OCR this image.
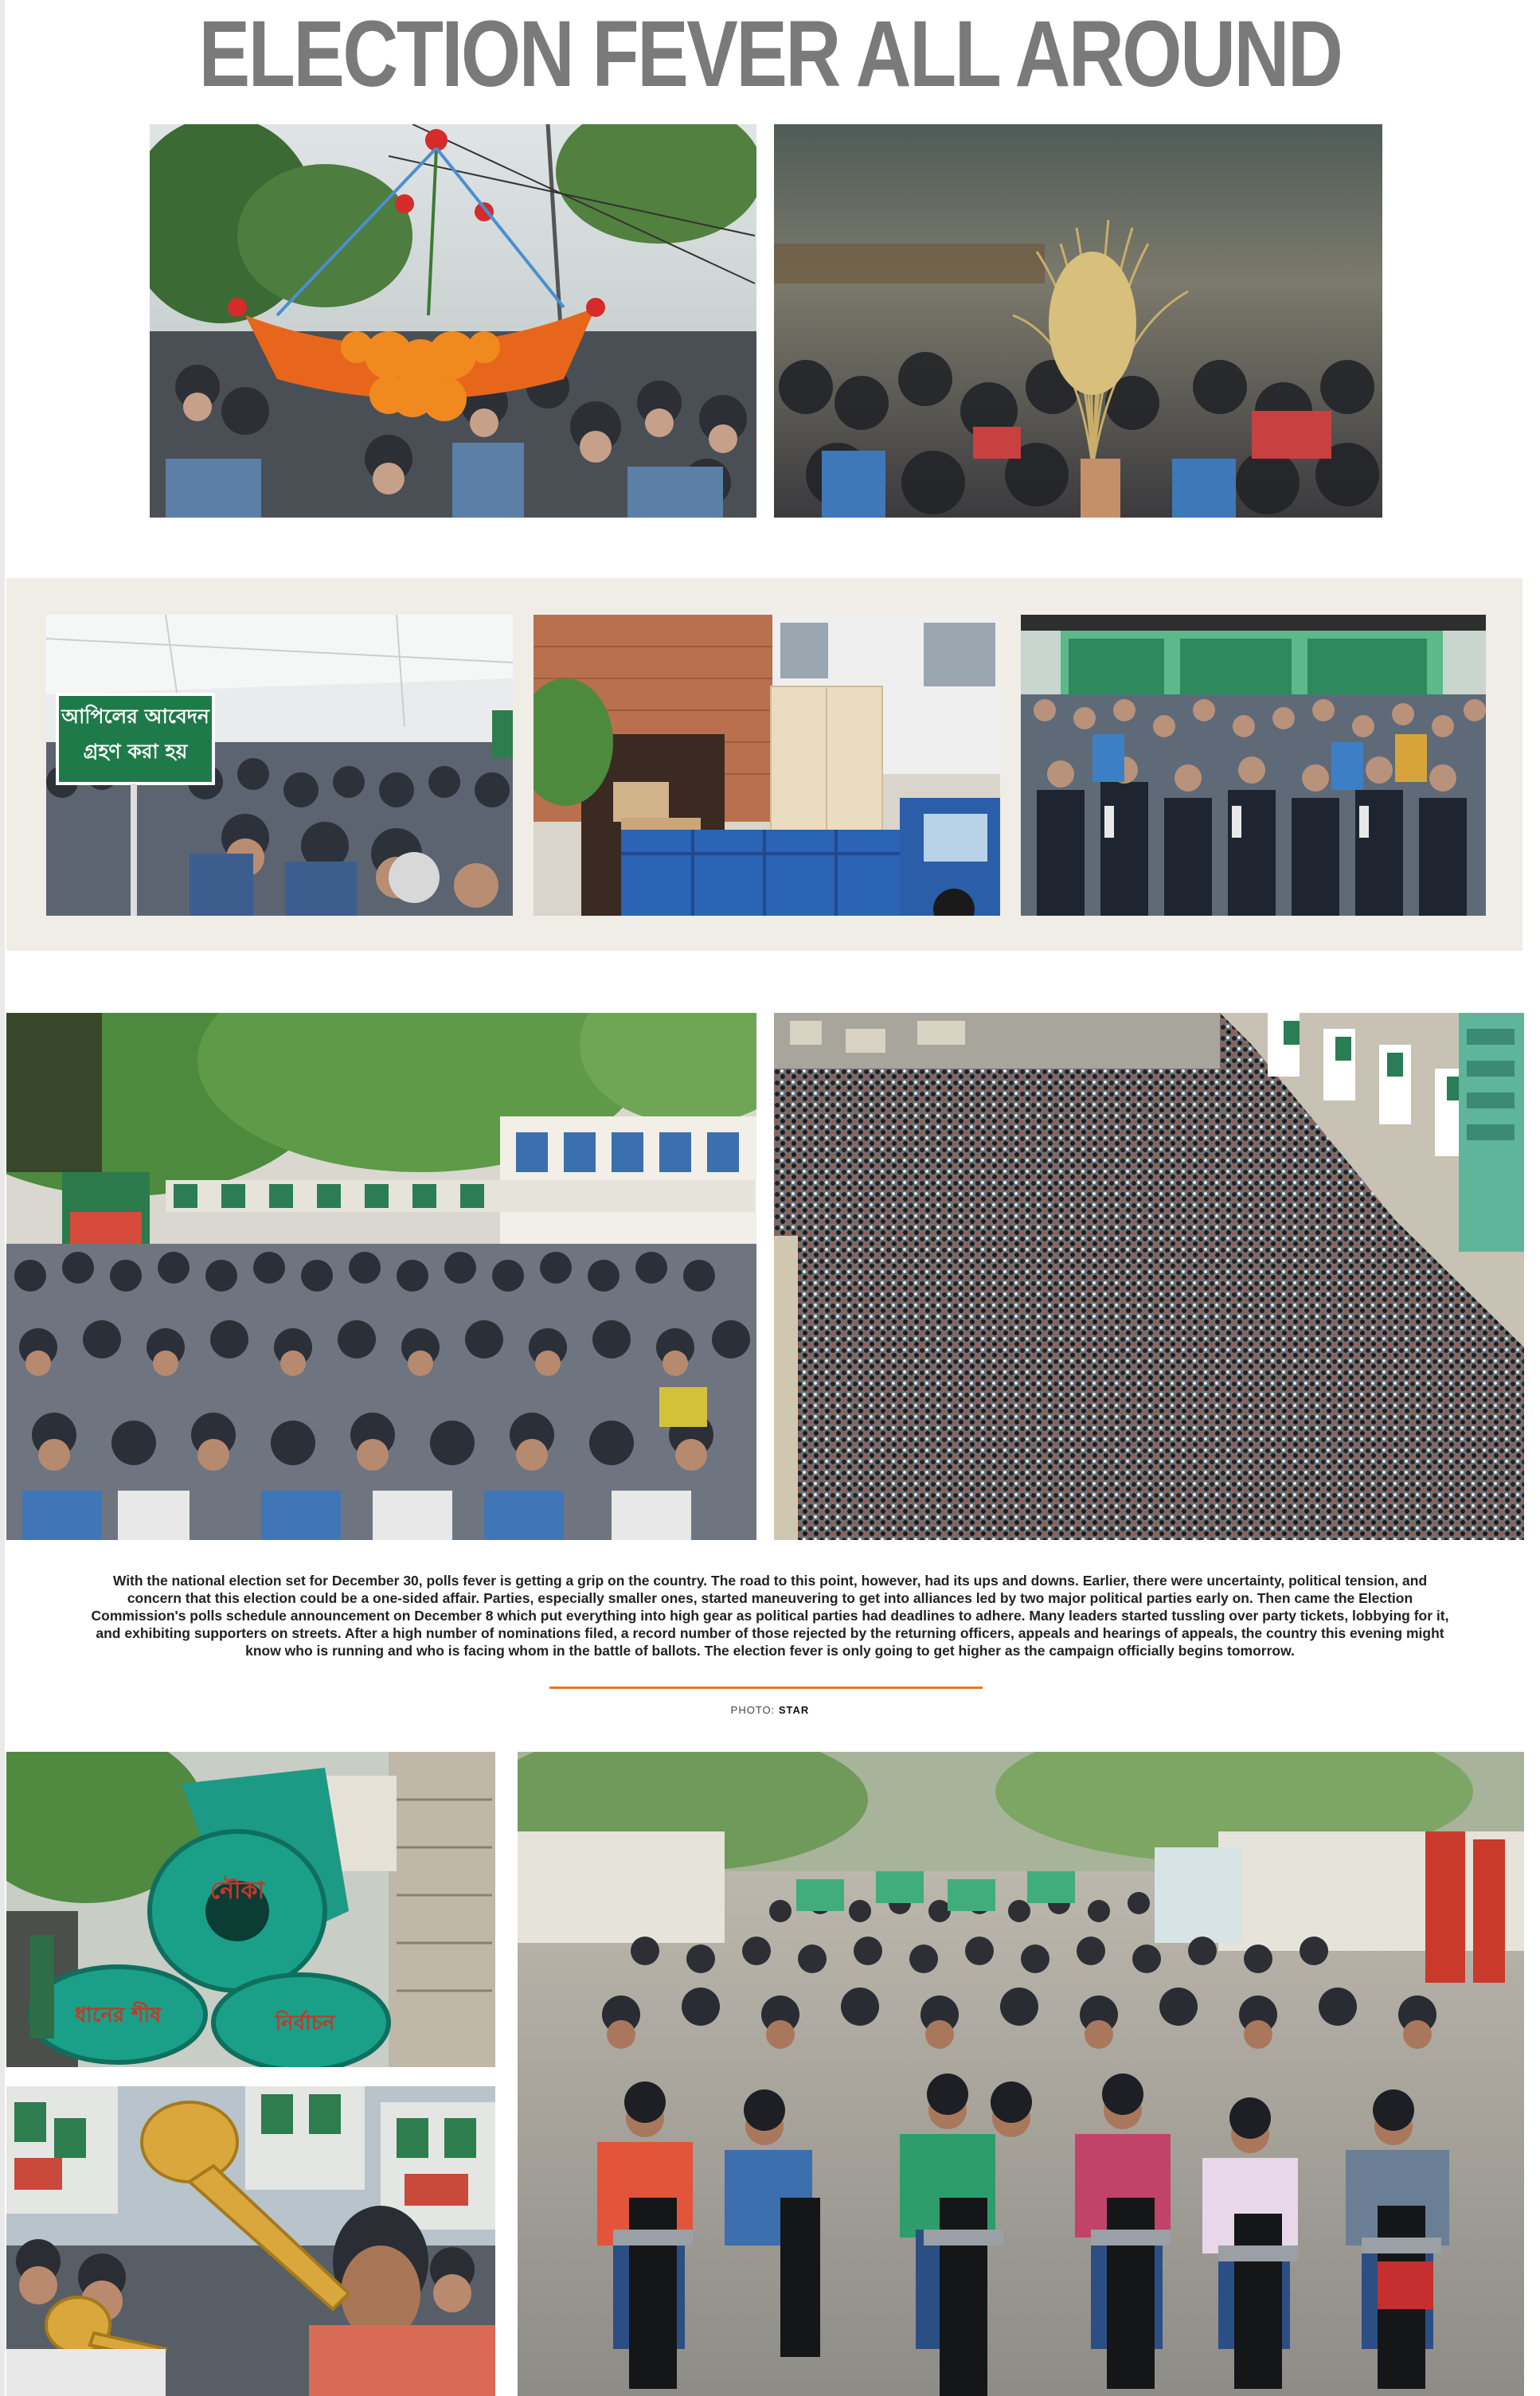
ELECTION FEVER ALL AROUND
আপিলের আবেদন গ্রহণ করা হয়
With the national election set for December 30, polls fever is getting a grip on the country. The road to this point, however, had its ups and downs. Earlier, there were uncertainty, political tension, and concern that this election could be a one-sided affair. Parties, especially smaller ones, started maneuvering to get into alliances led by two major political parties early on. Then came the Election Commission's polls schedule announcement on December 8 which put everything into high gear as political parties had deadlines to adhere. Many leaders started tussling over party tickets, lobbying for it, and exhibiting supporters on streets. After a high number of nominations filed, a record number of those rejected by the returning officers, appeals and hearings of appeals, the country this evening might know who is running and who is facing whom in the battle of ballots. The election fever is only going to get higher as the campaign officially begins tomorrow.
PHOTO: STAR
নৌকা
ধানের শীষ	নির্বাচন
